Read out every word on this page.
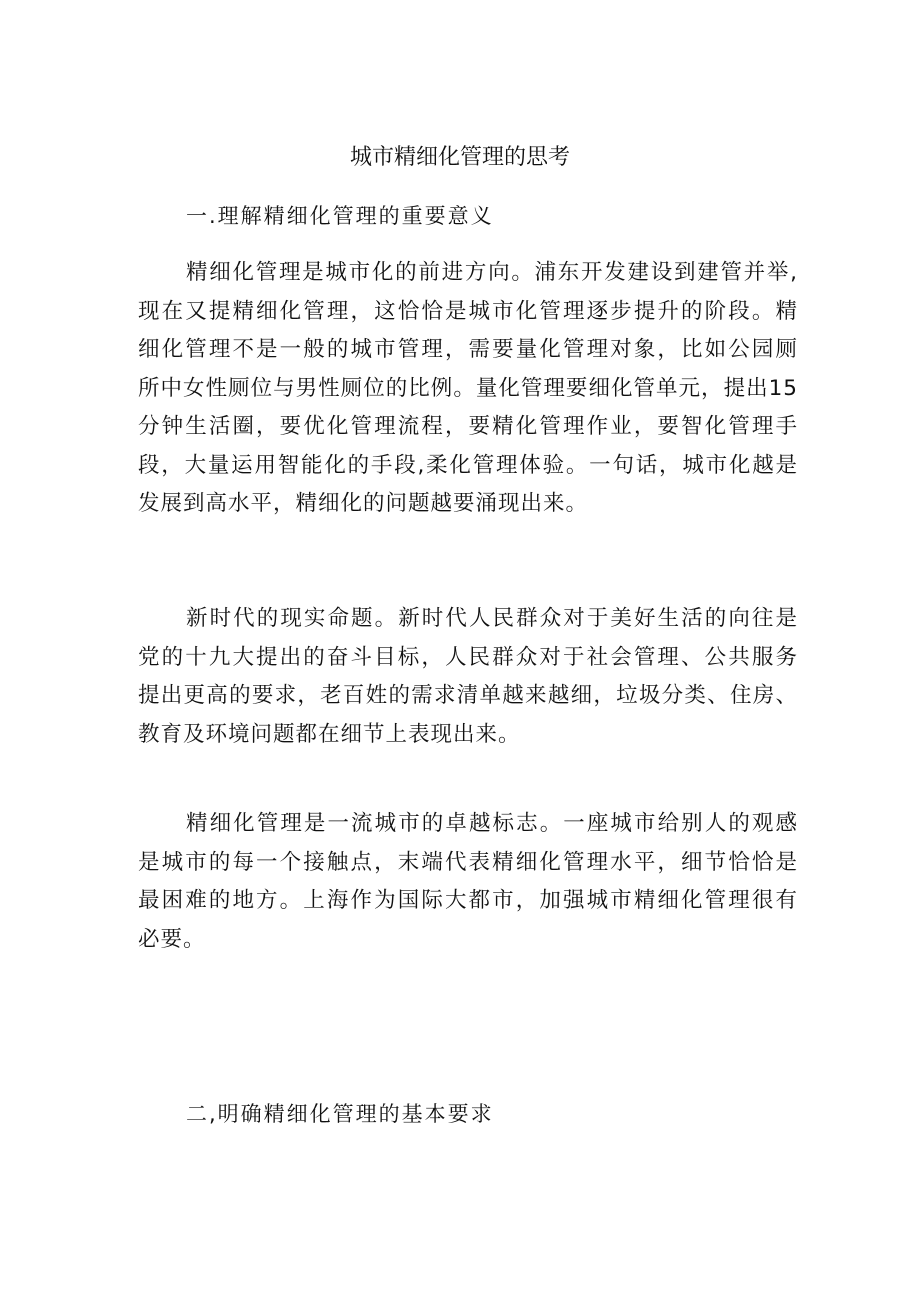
城市精细化管理的思考
一.理解精细化管理的重要意义
精细化管理是城市化的前进方向。浦东开发建设到建管并举,
现在又提精细化管理，这恰恰是城市化管理逐步提升的阶段。精
细化管理不是一般的城市管理，需要量化管理对象，比如公园厕
所中女性厕位与男性厕位的比例。量化管理要细化管单元，提出15
分钟生活圈，要优化管理流程，要精化管理作业，要智化管理手
段，大量运用智能化的手段,柔化管理体验。一句话，城市化越是
发展到高水平，精细化的问题越要涌现出来。
新时代的现实命题。新时代人民群众对于美好生活的向往是
党的十九大提出的奋斗目标，人民群众对于社会管理、公共服务
提出更高的要求，老百姓的需求清单越来越细，垃圾分类、住房、
教育及环境问题都在细节上表现出来。
精细化管理是一流城市的卓越标志。一座城市给别人的观感
是城市的每一个接触点，末端代表精细化管理水平，细节恰恰是
最困难的地方。上海作为国际大都市，加强城市精细化管理很有
必要。
二,明确精细化管理的基本要求
